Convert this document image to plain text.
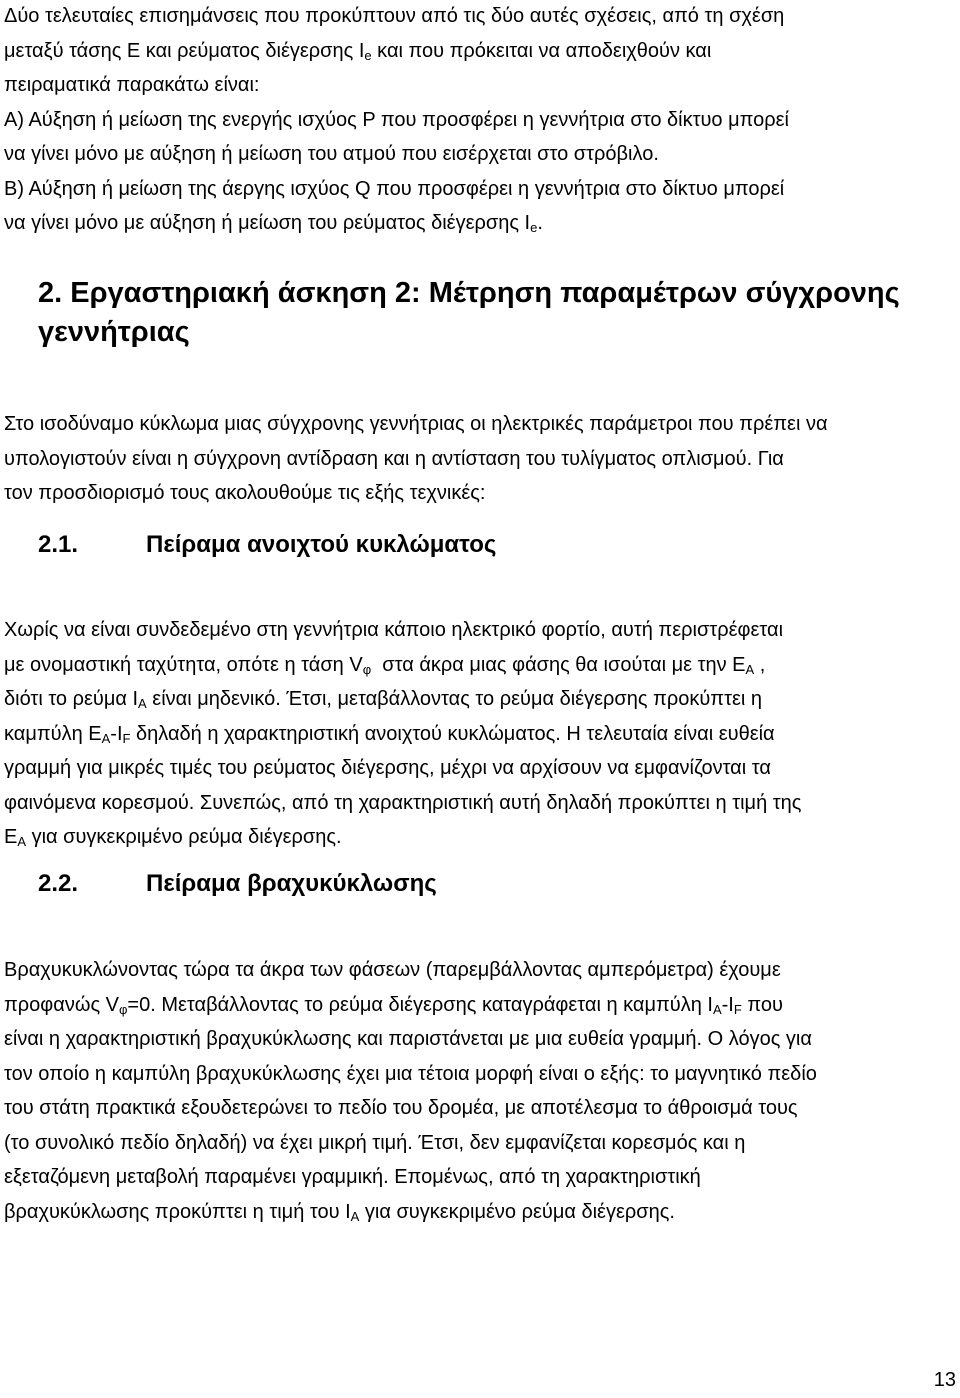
Δύο τελευταίες επισημάνσεις που προκύπτουν από τις δύο αυτές σχέσεις, από τη σχέση
μεταξύ τάσης Ε και ρεύματος διέγερσης $I_e$ και που πρόκειται να αποδειχθούν και
πειραματικά παρακάτω είναι:
Α) Αύξηση ή μείωση της ενεργής ισχύος P που προσφέρει η γεννήτρια στο δίκτυο μπορεί
να γίνει μόνο με αύξηση ή μείωση του ατμού που εισέρχεται στο στρόβιλο.
Β) Αύξηση ή μείωση της άεργης ισχύος Q που προσφέρει η γεννήτρια στο δίκτυο μπορεί
να γίνει μόνο με αύξηση ή μείωση του ρεύματος διέγερσης $I_e$.
2. Εργαστηριακή άσκηση 2: Μέτρηση παραμέτρων σύγχρονης
γεννήτριας
Στο ισοδύναμο κύκλωμα μιας σύγχρονης γεννήτριας οι ηλεκτρικές παράμετροι που πρέπει να
υπολογιστούν είναι η σύγχρονη αντίδραση και η αντίσταση του τυλίγματος οπλισμού. Για
τον προσδιορισμό τους ακολουθούμε τις εξής τεχνικές:
2.1.	Πείραμα ανοιχτού κυκλώματος
Χωρίς να είναι συνδεδεμένο στη γεννήτρια κάποιο ηλεκτρικό φορτίο, αυτή περιστρέφεται
με ονομαστική ταχύτητα, οπότε η τάση $V_\varphi$  στα άκρα μιας φάσης θα ισούται με την $E_A$ ,
διότι το ρεύμα $I_A$ είναι μηδενικό. Έτσι, μεταβάλλοντας το ρεύμα διέγερσης προκύπτει η
καμπύλη $E_A-I_F$ δηλαδή η χαρακτηριστική ανοιχτού κυκλώματος. Η τελευταία είναι ευθεία
γραμμή για μικρές τιμές του ρεύματος διέγερσης, μέχρι να αρχίσουν να εμφανίζονται τα
φαινόμενα κορεσμού. Συνεπώς, από τη χαρακτηριστική αυτή δηλαδή προκύπτει η τιμή της
$E_A$ για συγκεκριμένο ρεύμα διέγερσης.
2.2.	Πείραμα βραχυκύκλωσης
Βραχυκυκλώνοντας τώρα τα άκρα των φάσεων (παρεμβάλλοντας αμπερόμετρα) έχουμε
προφανώς $V_\varphi=0$. Μεταβάλλοντας το ρεύμα διέγερσης καταγράφεται η καμπύλη $I_A-I_F$ που
είναι η χαρακτηριστική βραχυκύκλωσης και παριστάνεται με μια ευθεία γραμμή. Ο λόγος για
τον οποίο η καμπύλη βραχυκύκλωσης έχει μια τέτοια μορφή είναι ο εξής: το μαγνητικό πεδίο
του στάτη πρακτικά εξουδετερώνει το πεδίο του δρομέα, με αποτέλεσμα το άθροισμά τους
(το συνολικό πεδίο δηλαδή) να έχει μικρή τιμή. Έτσι, δεν εμφανίζεται κορεσμός και η
εξεταζόμενη μεταβολή παραμένει γραμμική. Επομένως, από τη χαρακτηριστική
βραχυκύκλωσης προκύπτει η τιμή του $I_A$ για συγκεκριμένο ρεύμα διέγερσης.
13
